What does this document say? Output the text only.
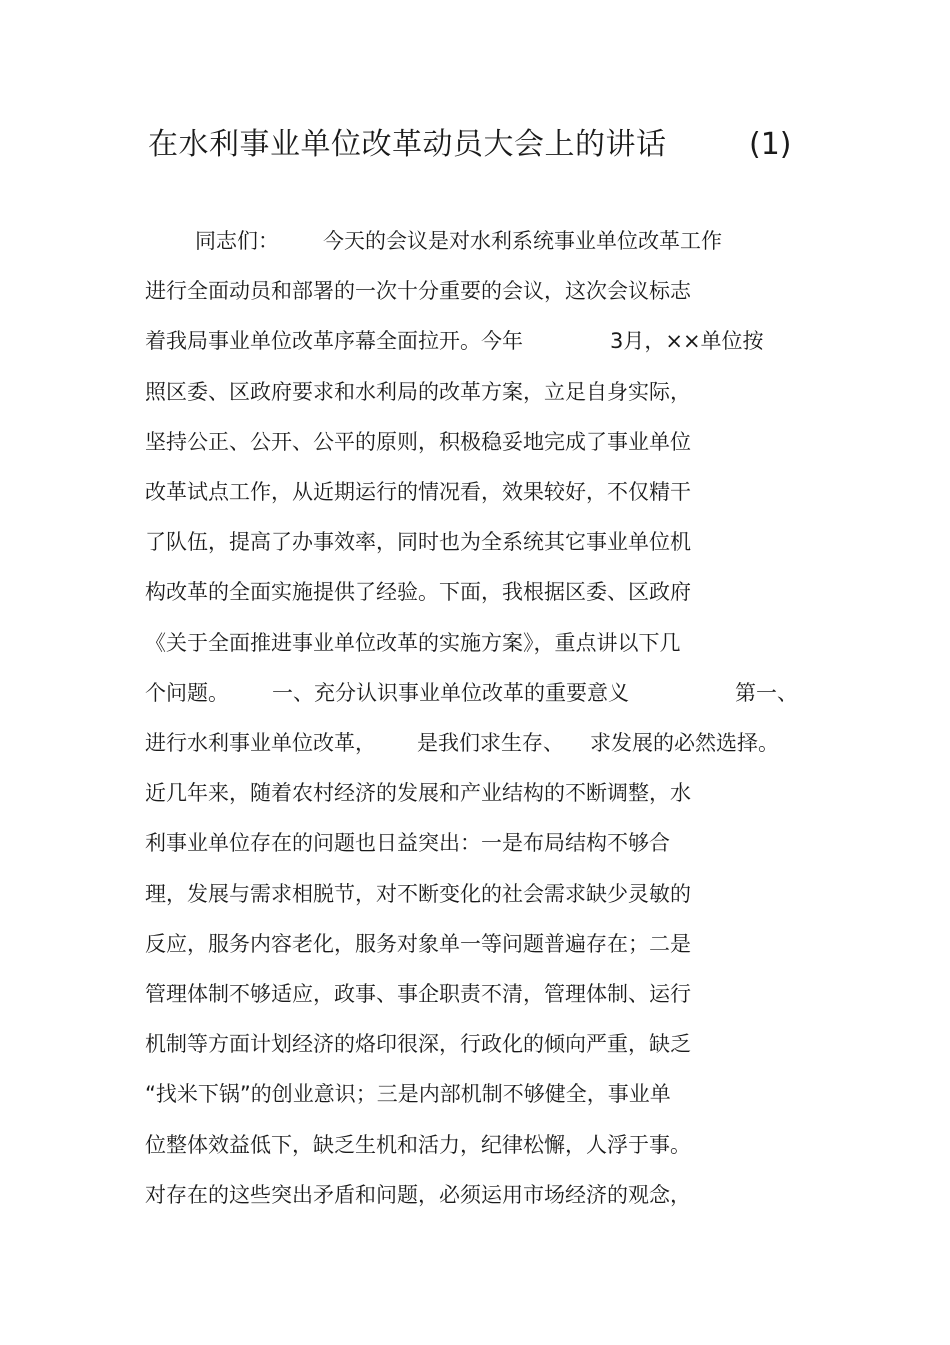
在水利事业单位改革动员大会上的讲话	(1)
同志们： 今天的会议是对水利系统事业单位改革工作
进行全面动员和部署的一次十分重要的会议，这次会议标志
着我局事业单位改革序幕全面拉开。今年	3月，××单位按
照区委、区政府要求和水利局的改革方案，立足自身实际，
坚持公正、公开、公平的原则，积极稳妥地完成了事业单位
改革试点工作，从近期运行的情况看，效果较好，不仅精干
了队伍，提高了办事效率，同时也为全系统其它事业单位机
构改革的全面实施提供了经验。下面，我根据区委、区政府
《关于全面推进事业单位改革的实施方案》，重点讲以下几
个问题。 一、充分认识事业单位改革的重要意义	第一、
进行水利事业单位改革， 是我们求生存、 求发展的必然选择。
近几年来，随着农村经济的发展和产业结构的不断调整，水
利事业单位存在的问题也日益突出：一是布局结构不够合
理，发展与需求相脱节，对不断变化的社会需求缺少灵敏的
反应，服务内容老化，服务对象单一等问题普遍存在；二是
管理体制不够适应，政事、事企职责不清，管理体制、运行
机制等方面计划经济的烙印很深，行政化的倾向严重，缺乏
“找米下锅”的创业意识；三是内部机制不够健全，事业单
位整体效益低下，缺乏生机和活力，纪律松懈，人浮于事。
对存在的这些突出矛盾和问题，必须运用市场经济的观念，
